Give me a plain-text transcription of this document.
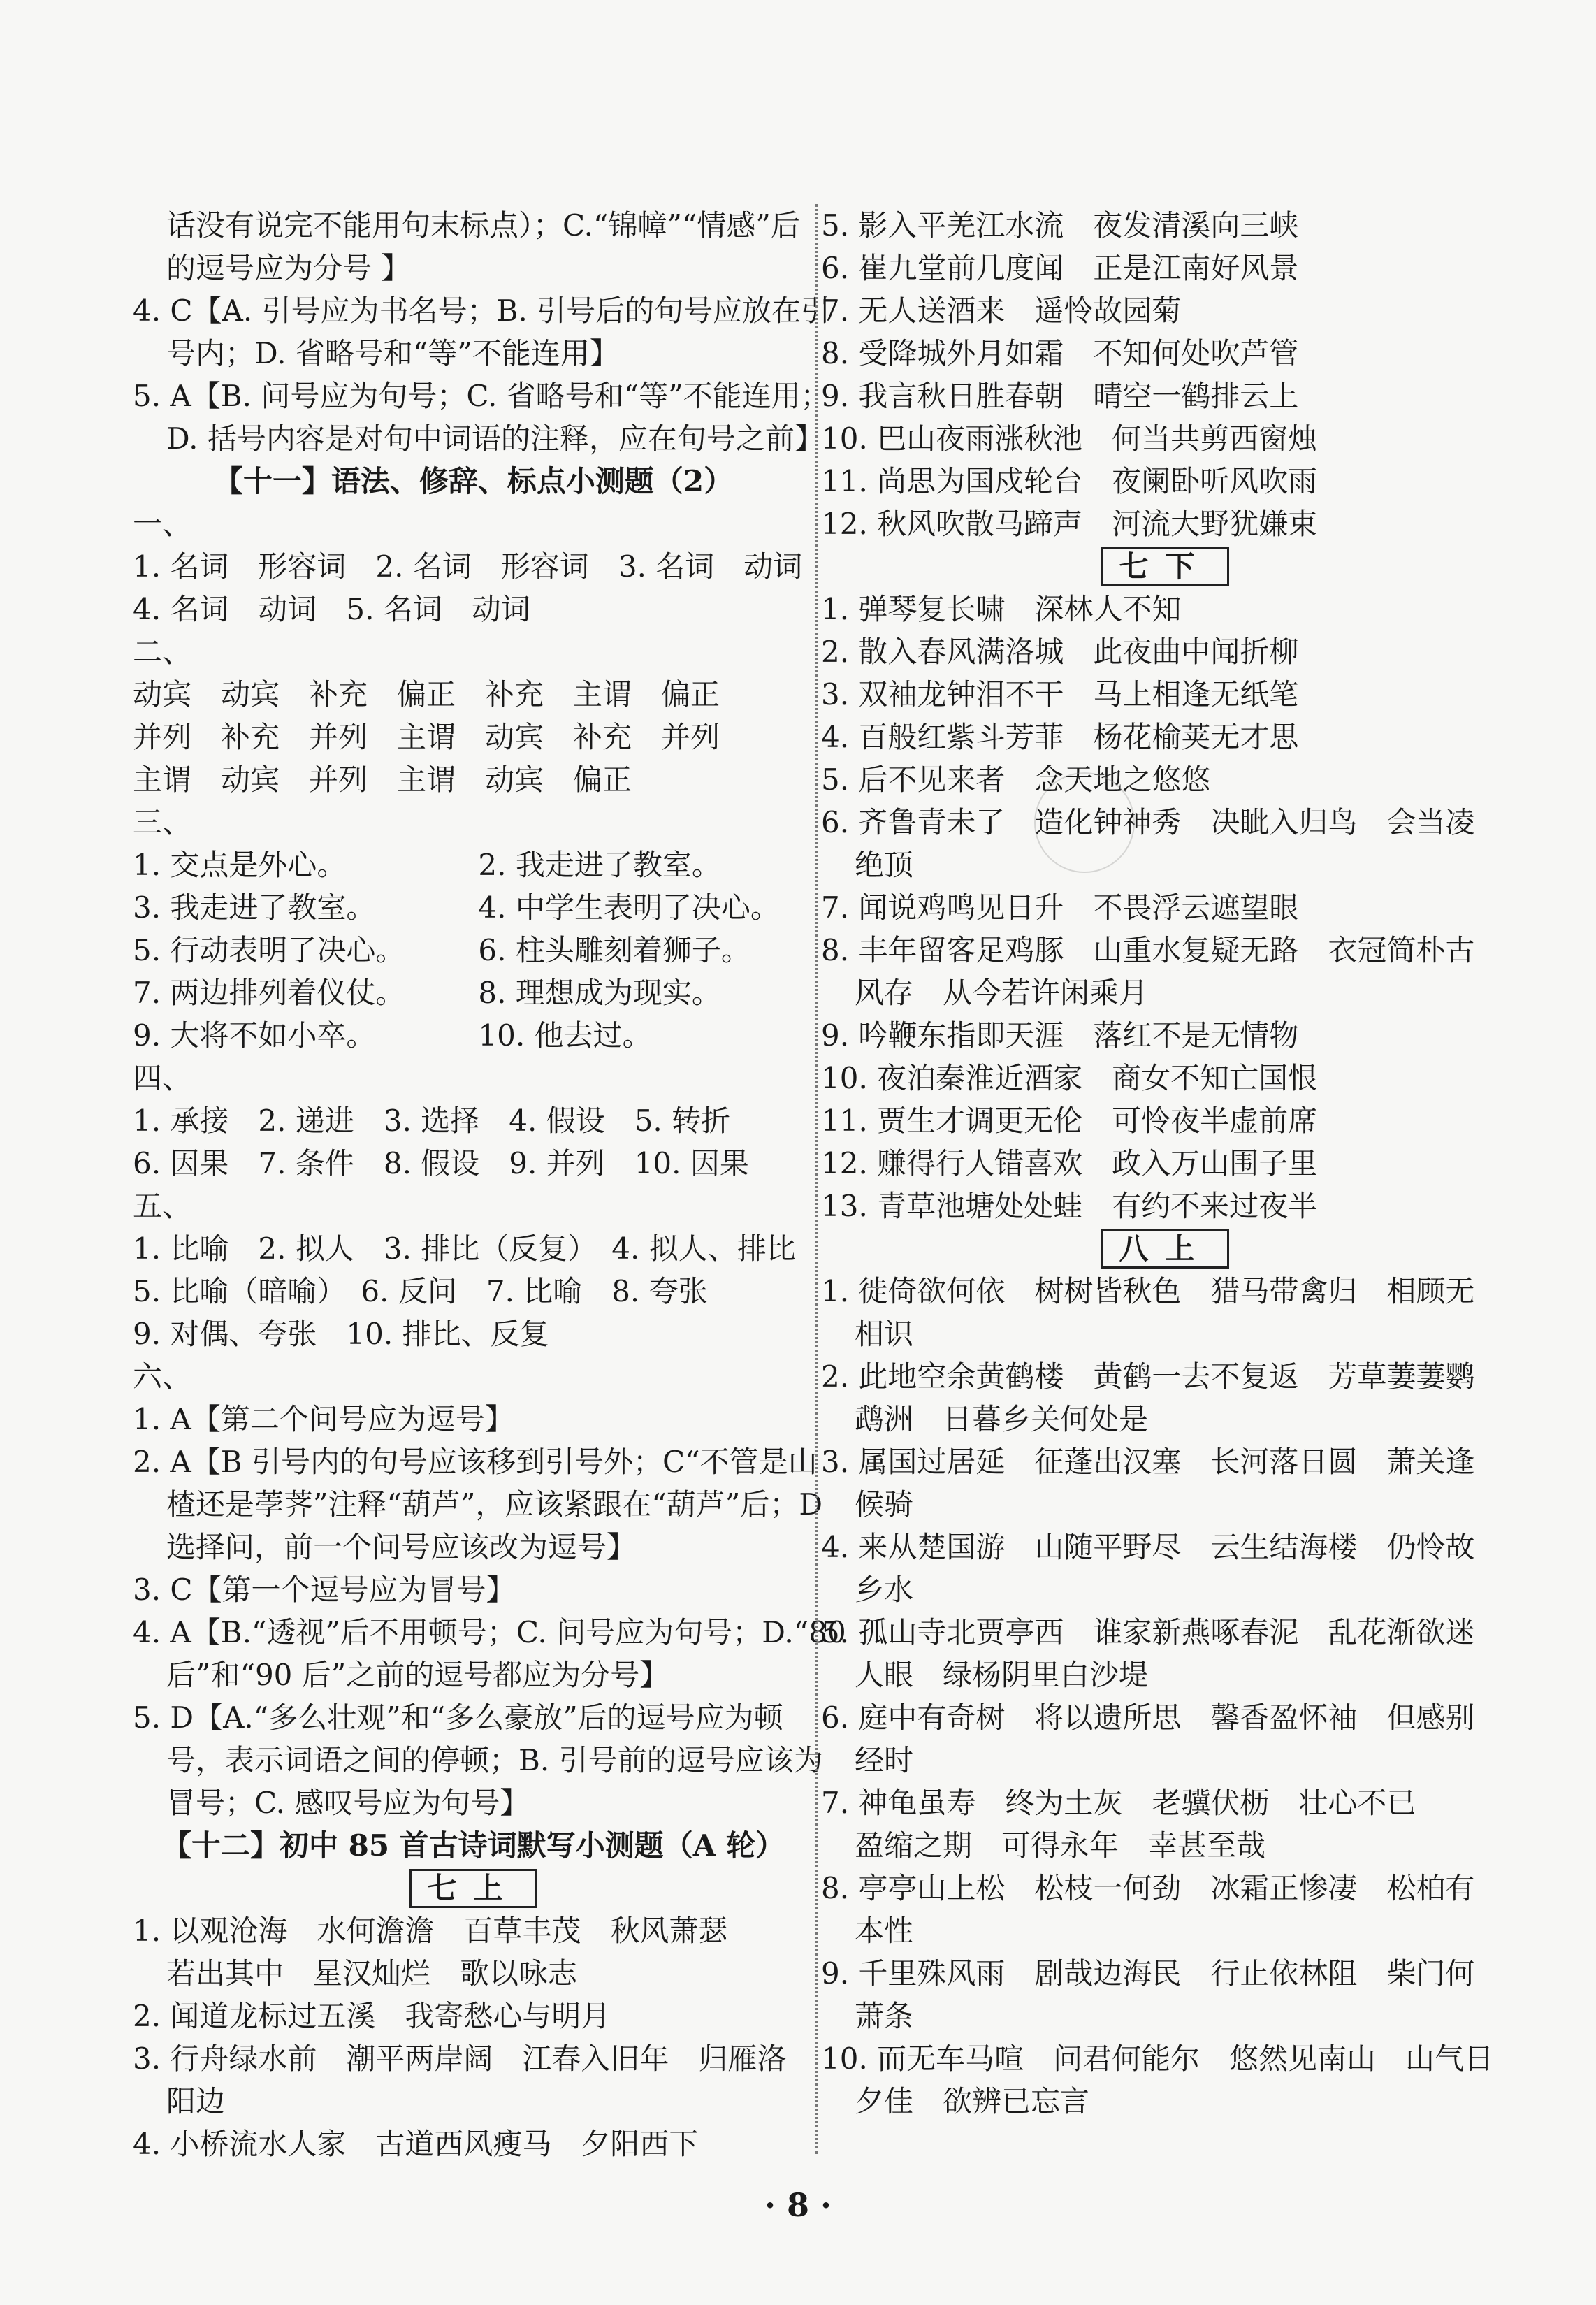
话没有说完不能用句末标点）；C.“锦幛”“情感”后
的逗号应为分号 】
4. C【A. 引号应为书名号；B. 引号后的句号应放在引
号内；D. 省略号和“等”不能连用】
5. A【B. 问号应为句号；C. 省略号和“等”不能连用；
D. 括号内容是对句中词语的注释，应在句号之前】
【十一】语法、修辞、标点小测题（2）
一、
1. 名词　形容词　2. 名词　形容词　3. 名词　动词
4. 名词　动词　5. 名词　动词
二、
动宾　动宾　补充　偏正　补充　主谓　偏正
并列　补充　并列　主谓　动宾　补充　并列
主谓　动宾　并列　主谓　动宾　偏正
三、
1. 交点是外心。　　　　　2. 我走进了教室。
3. 我走进了教室。　　　　4. 中学生表明了决心。
5. 行动表明了决心。　　　6. 柱头雕刻着狮子。
7. 两边排列着仪仗。　　　8. 理想成为现实。
9. 大将不如小卒。　　　　10. 他去过。
四、
1. 承接　2. 递进　3. 选择　4. 假设　5. 转折
6. 因果　7. 条件　8. 假设　9. 并列　10. 因果
五、
1. 比喻　2. 拟人　3. 排比（反复）　4. 拟人、排比
5. 比喻（暗喻）　6. 反问　7. 比喻　8. 夸张
9. 对偶、夸张　10. 排比、反复
六、
1. A【第二个问号应为逗号】
2. A【B 引号内的句号应该移到引号外；C“不管是山
楂还是荸荠”注释“葫芦”，应该紧跟在“葫芦”后；D
选择问，前一个问号应该改为逗号】
3. C【第一个逗号应为冒号】
4. A【B.“透视”后不用顿号；C. 问号应为句号；D.“80
后”和“90 后”之前的逗号都应为分号】
5. D【A.“多么壮观”和“多么豪放”后的逗号应为顿
号，表示词语之间的停顿；B. 引号前的逗号应该为
冒号；C. 感叹号应为句号】
【十二】初中 85 首古诗词默写小测题（A 轮）
七上
1. 以观沧海　水何澹澹　百草丰茂　秋风萧瑟
若出其中　星汉灿烂　歌以咏志
2. 闻道龙标过五溪　我寄愁心与明月
3. 行舟绿水前　潮平两岸阔　江春入旧年　归雁洛
阳边
4. 小桥流水人家　古道西风瘦马　夕阳西下
5. 影入平羌江水流　夜发清溪向三峡
6. 崔九堂前几度闻　正是江南好风景
7. 无人送酒来　遥怜故园菊
8. 受降城外月如霜　不知何处吹芦管
9. 我言秋日胜春朝　晴空一鹤排云上
10. 巴山夜雨涨秋池　何当共剪西窗烛
11. 尚思为国戍轮台　夜阑卧听风吹雨
12. 秋风吹散马蹄声　河流大野犹嫌束
七下
1. 弹琴复长啸　深林人不知
2. 散入春风满洛城　此夜曲中闻折柳
3. 双袖龙钟泪不干　马上相逢无纸笔
4. 百般红紫斗芳菲　杨花榆荚无才思
5. 后不见来者　念天地之悠悠
6. 齐鲁青未了　造化钟神秀　决眦入归鸟　会当凌
绝顶
7. 闻说鸡鸣见日升　不畏浮云遮望眼
8. 丰年留客足鸡豚　山重水复疑无路　衣冠简朴古
风存　从今若许闲乘月
9. 吟鞭东指即天涯　落红不是无情物
10. 夜泊秦淮近酒家　商女不知亡国恨
11. 贾生才调更无伦　可怜夜半虚前席
12. 赚得行人错喜欢　政入万山围子里
13. 青草池塘处处蛙　有约不来过夜半
八上
1. 徙倚欲何依　树树皆秋色　猎马带禽归　相顾无
相识
2. 此地空余黄鹤楼　黄鹤一去不复返　芳草萋萋鹦
鹉洲　日暮乡关何处是
3. 属国过居延　征蓬出汉塞　长河落日圆　萧关逢
候骑
4. 来从楚国游　山随平野尽　云生结海楼　仍怜故
乡水
5. 孤山寺北贾亭西　谁家新燕啄春泥　乱花渐欲迷
人眼　绿杨阴里白沙堤
6. 庭中有奇树　将以遗所思　馨香盈怀袖　但感别
经时
7. 神龟虽寿　终为土灰　老骥伏枥　壮心不已
盈缩之期　可得永年　幸甚至哉
8. 亭亭山上松　松枝一何劲　冰霜正惨凄　松柏有
本性
9. 千里殊风雨　剧哉边海民　行止依林阻　柴门何
萧条
10. 而无车马喧　问君何能尔　悠然见南山　山气日
夕佳　欲辨已忘言
· 8 ·
